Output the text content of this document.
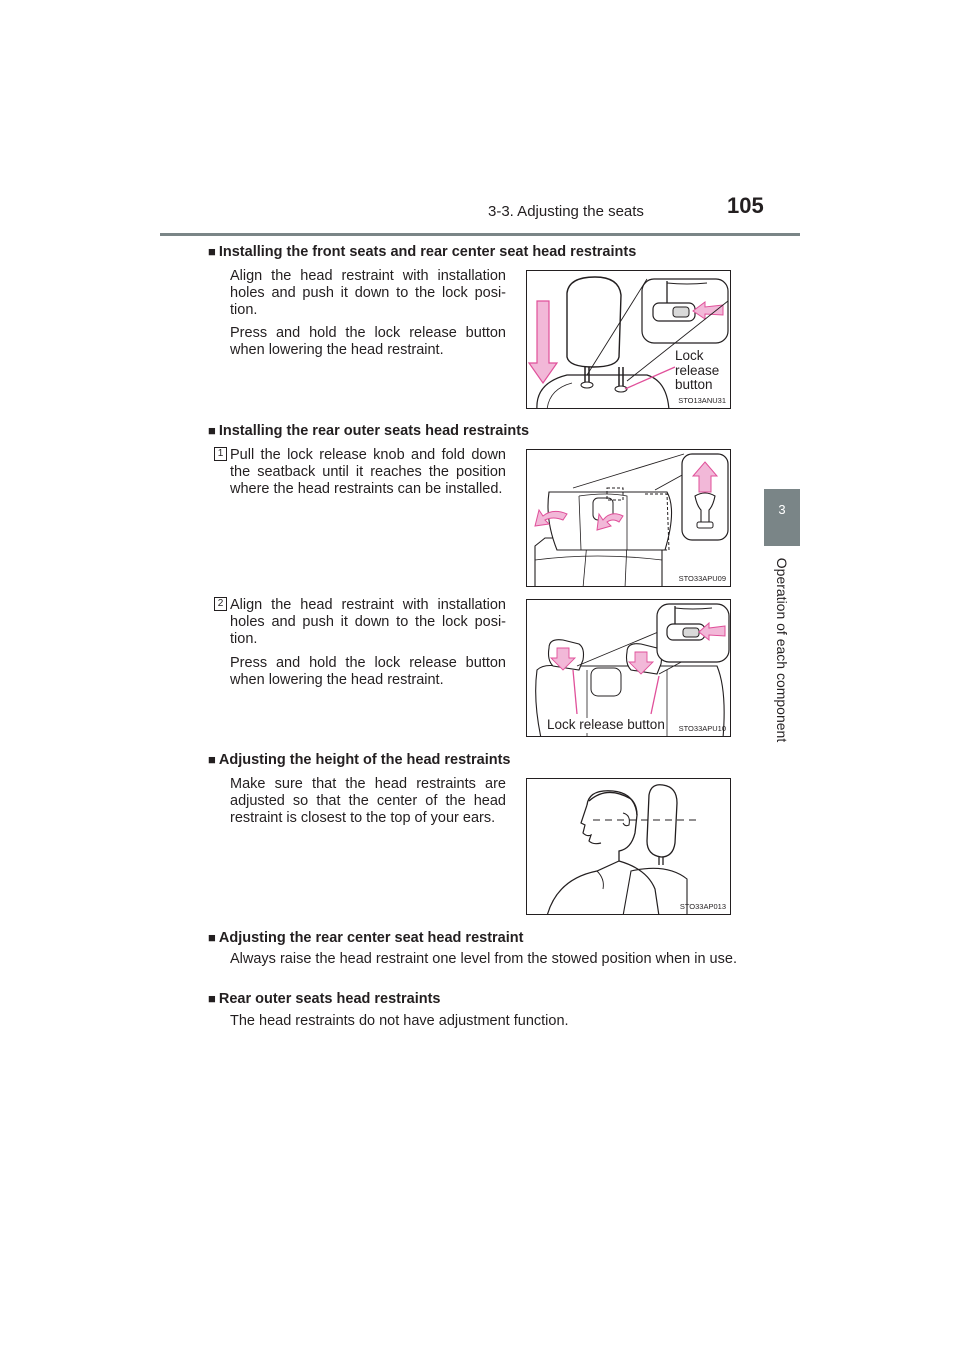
3-3. Adjusting the seats	105
3
Operation of each component
■ Installing the front seats and rear center seat head restraints

Align the head restraint with installation holes and push it down to the lock posi-tion.

Press and hold the lock release button when lowering the head restraint.	Lock
release
button
STO13ANU31
■ Installing the rear outer seats head restraints
1 Pull the lock release knob and fold down the seatback until it reaches the position where the head restraints can be installed.

STO33APU09
2 Align the head restraint with installation holes and push it down to the lock posi-tion.

Press and hold the lock release button when lowering the head restraint.

Lock release button STO33APU10
■ Adjusting the height of the head restraints

Make sure that the head restraints are adjusted so that the center of the head restraint is closest to the top of your ears.

STO33AP013
■ Adjusting the rear center seat head restraint

Always raise the head restraint one level from the stowed position when in use.

■ Rear outer seats head restraints

The head restraints do not have adjustment function.
